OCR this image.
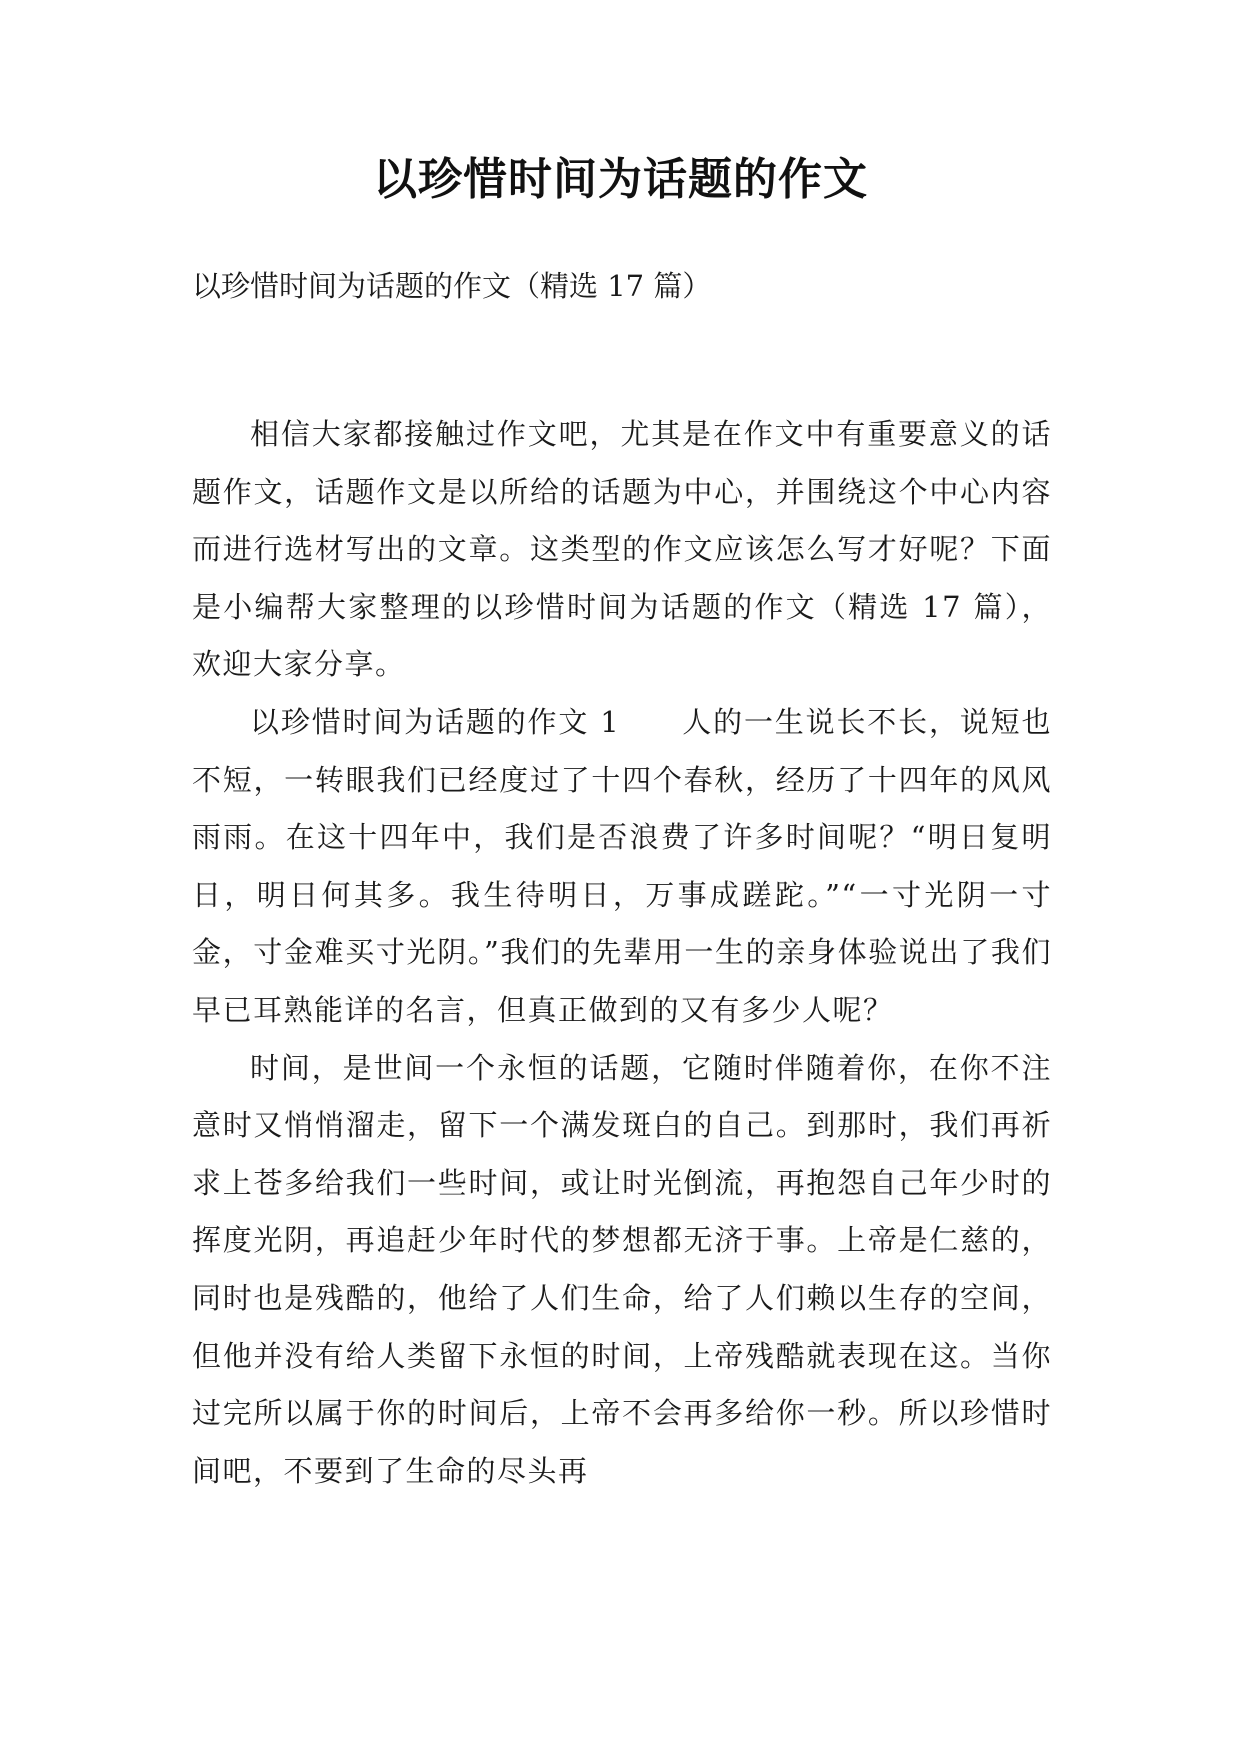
以珍惜时间为话题的作文

以珍惜时间为话题的作文（精选 17 篇）

相信大家都接触过作文吧，尤其是在作文中有重要意义的话题作文，话题作文是以所给的话题为中心，并围绕这个中心内容而进行选材写出的文章。这类型的作文应该怎么写才好呢？下面是小编帮大家整理的以珍惜时间为话题的作文（精选 17 篇），欢迎大家分享。

以珍惜时间为话题的作文 1　　人的一生说长不长，说短也不短，一转眼我们已经度过了十四个春秋，经历了十四年的风风雨雨。在这十四年中，我们是否浪费了许多时间呢？“明日复明日，明日何其多。我生待明日，万事成蹉跎。”“一寸光阴一寸金，寸金难买寸光阴。”我们的先辈用一生的亲身体验说出了我们早已耳熟能详的名言，但真正做到的又有多少人呢？

时间，是世间一个永恒的话题，它随时伴随着你，在你不注意时又悄悄溜走，留下一个满发斑白的自己。到那时，我们再祈求上苍多给我们一些时间，或让时光倒流，再抱怨自己年少时的挥度光阴，再追赶少年时代的梦想都无济于事。上帝是仁慈的，同时也是残酷的，他给了人们生命，给了人们赖以生存的空间，但他并没有给人类留下永恒的时间，上帝残酷就表现在这。当你过完所以属于你的时间后，上帝不会再多给你一秒。所以珍惜时间吧，不要到了生命的尽头再
